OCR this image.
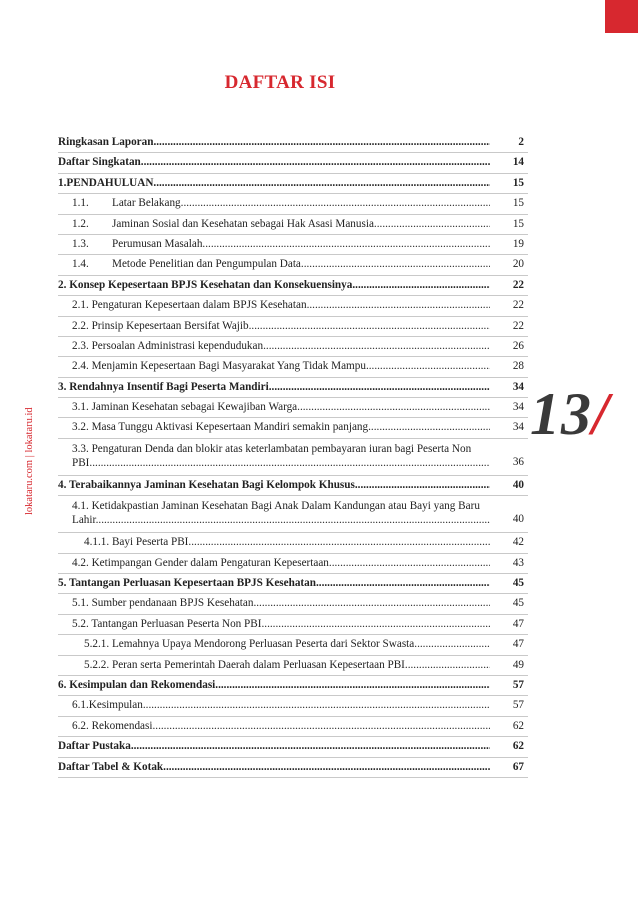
DAFTAR ISI
lokataru.com | lokataru.id	13/
Ringkasan Laporan .....	2
Daftar Singkatan .....	14
1.PENDAHULUAN .....	15
1.1. Latar Belakang .....	15
1.2. Jaminan Sosial dan Kesehatan sebagai Hak Asasi Manusia .....	15
1.3. Perumusan Masalah .....	19
1.4. Metode Penelitian dan Pengumpulan Data .....	20
2. Konsep Kepesertaan BPJS Kesehatan dan Konsekuensinya .....	22
2.1. Pengaturan Kepesertaan dalam BPJS Kesehatan .....	22
2.2. Prinsip Kepesertaan Bersifat Wajib .....	22
2.3. Persoalan Administrasi kependudukan .....	26
2.4. Menjamin Kepesertaan Bagi Masyarakat Yang Tidak Mampu .....	28
3. Rendahnya Insentif Bagi Peserta Mandiri .....	34
3.1. Jaminan Kesehatan sebagai Kewajiban Warga .....	34
3.2. Masa Tunggu Aktivasi Kepesertaan Mandiri semakin panjang .....	34
3.3. Pengaturan Denda dan blokir atas keterlambatan pembayaran iuran bagi Peserta Non PBI .....	36
4. Terabaikannya Jaminan Kesehatan Bagi Kelompok Khusus .....	40
4.1. Ketidakpastian Jaminan Kesehatan Bagi Anak Dalam Kandungan atau Bayi yang Baru Lahir .....	40
4.1.1. Bayi Peserta PBI .....	42
4.2. Ketimpangan Gender dalam Pengaturan Kepesertaan .....	43
5. Tantangan Perluasan Kepesertaan BPJS Kesehatan .....	45
5.1. Sumber pendanaan BPJS Kesehatan .....	45
5.2. Tantangan Perluasan Peserta Non PBI .....	47
5.2.1. Lemahnya Upaya Mendorong Perluasan Peserta dari Sektor Swasta .....	47
5.2.2. Peran serta Pemerintah Daerah dalam Perluasan Kepesertaan PBI .....	49
6. Kesimpulan dan Rekomendasi .....	57
6.1.Kesimpulan .....	57
6.2. Rekomendasi .....	62
Daftar Pustaka .....	62
Daftar Tabel & Kotak .....	67
